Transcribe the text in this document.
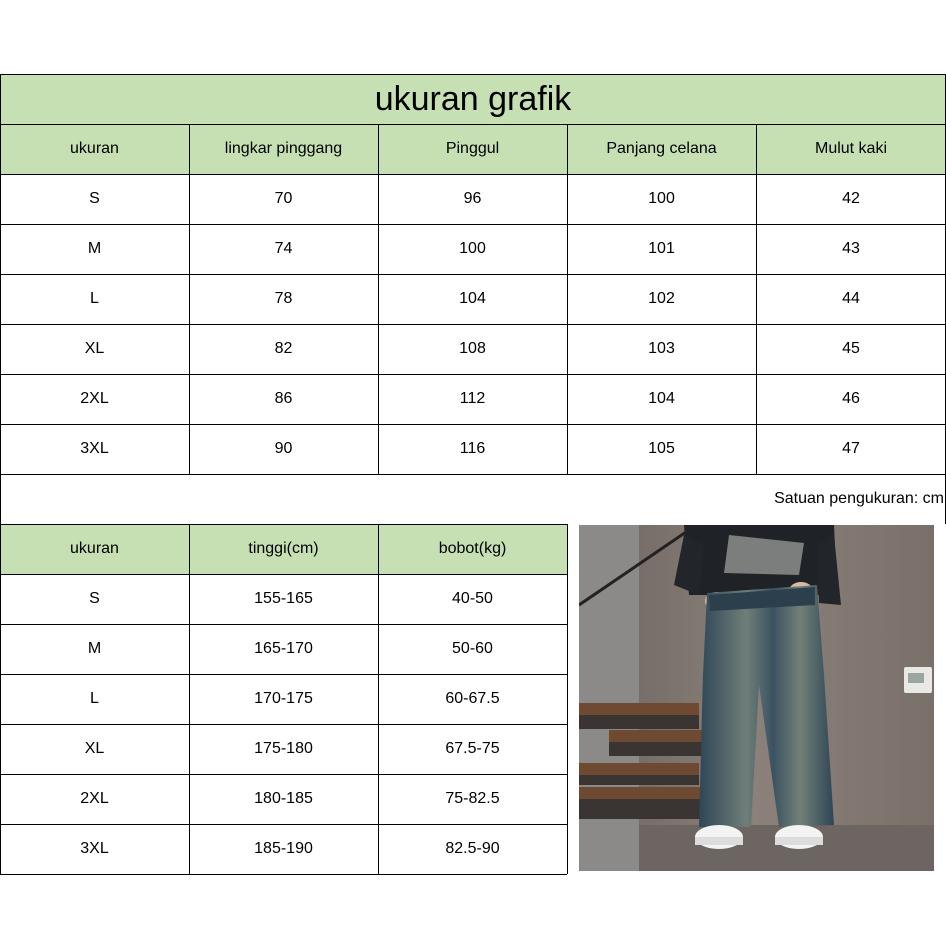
ukuran grafik
ukuran	lingkar pinggang	Pinggul	Panjang celana	Mulut kaki
S	70	96	100	42
M	74	100	101	43
L	78	104	102	44
XL	82	108	103	45
2XL	86	112	104	46
3XL	90	116	105	47
Satuan pengukuran: cm
ukuran	tinggi(cm)	bobot(kg)
S	155-165	40-50
M	165-170	50-60
L	170-175	60-67.5
XL	175-180	67.5-75
2XL	180-185	75-82.5
3XL	185-190	82.5-90
